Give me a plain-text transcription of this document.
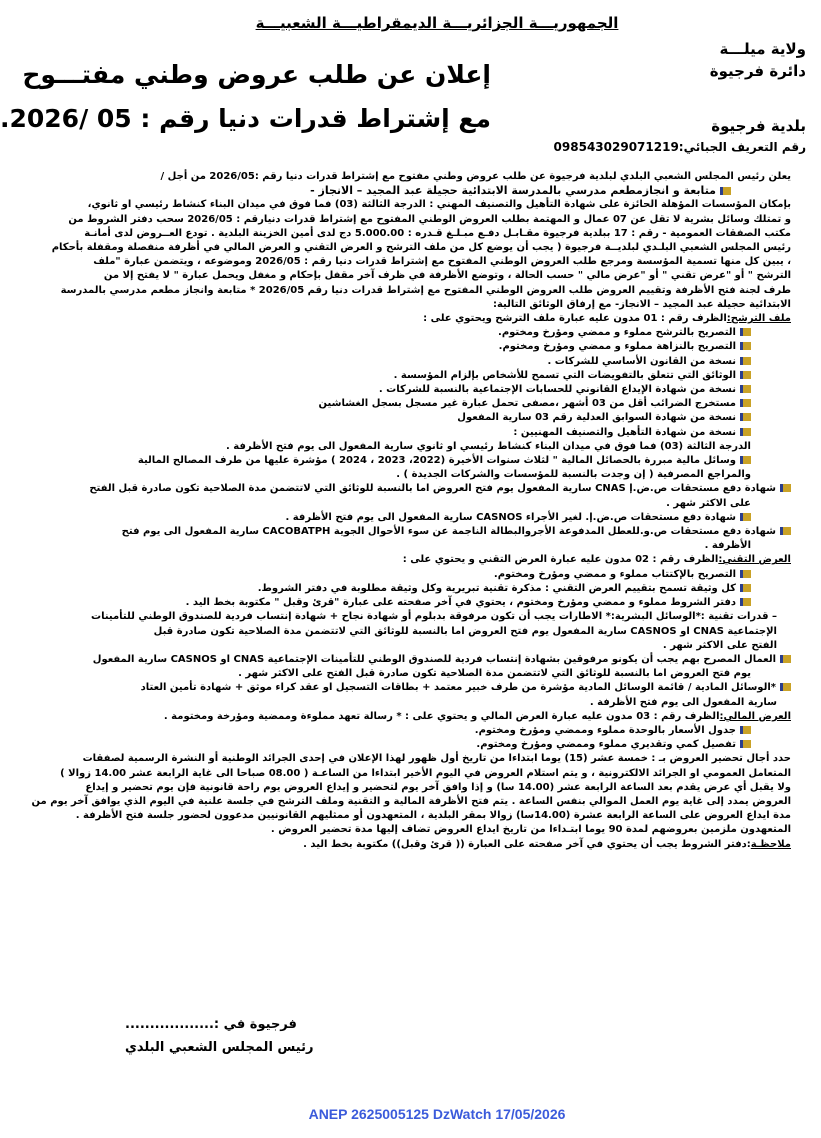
الجمهوريـــة الجزائريـــة الديمقراطيـــة الشعبيـــة
ولاية ميلـــة
دائرة فرجيوة
بلدية فرجيوة
إعلان عن طلب عروض وطني مفتـــوح
مع إشتراط قدرات دنيا رقم : 05 /2026.
رقم التعريف الجبائي:098543029071219

يعلن رئيس المجلس الشعبي البلدي لبلدية فرجيوة عن طلب عروض وطني مفتوح مع إشتراط قدرات دنيا رقم :2026/05 من أجل /

متابعة و انجازمطعم مدرسي بالمدرسة الابتدائية حجيلة عبد المجيد – الانجاز -

بإمكان المؤسسات المؤهلة الحائزة على شهادة التأهيل والتصنيف المهني : الدرجة الثالثة (03) فما فوق في ميدان البناء كنشاط رئيسي او ثانوي،

و تمتلك وسائل بشرية لا تقل عن 07 عمال و المهتمة بطلب العروض الوطني المفتوح مع إشتراط قدرات دنيارقم : 2026/05 سحب دفتر الشروط من

مكتب الصفقات العمومية - رقم : 17 ببلدية فرجيوة مقـابـل دفـع مبـلـغ قـدره : 5.000.00 دج لدى أمين الخزينة البلدية . تودع العــروض لدى أمانـة

رئيس المجلس الشعبي البلـدي لبلديــة فرجيوة ( يجب أن يوضع كل من ملف الترشح و العرض التقني و العرض المالي في أظرفة منفصلة ومقفلة بأحكام

، يبين كل منها تسمية المؤسسة ومرجع طلب العروض الوطني المفتوح مع إشتراط قدرات دنيا رقم : 2026/05 وموضوعه ، ويتضمن عبارة "ملف

الترشح " أو "عرض تقني " أو "عرض مالي " حسب الحالة ، وتوضع الأظرفة في ظرف آخر مقفل بإحكام و مغفل ويحمل عبارة " لا يفتح إلا من

طرف لجنة فتح الأظرفة وتقييم العروض طلب العروض الوطني المفتوح مع إشتراط قدرات دنيا رقم 2026/05 * متابعة وانجاز مطعم مدرسي بالمدرسة

الابتدائية حجيلة عبد المجيد – الانجاز- مع إرفاق الوثائق التالية:

ملف الترشح:الظرف رقم : 01 مدون عليه عبارة ملف الترشح ويحتوي على :

التصريح بالترشح مملوء و ممضي ومؤرخ ومختوم.

التصريح بالنزاهة مملوء و ممضي ومؤرخ ومختوم.

نسخة من القانون الأساسي للشركات .

الوثائق التي تتعلق بالتفويضات التي تسمح للأشخاص بإلزام المؤسسة .

نسخة من شهادة الإيداع القانوني للحسابات الإجتماعية بالنسبة للشركات .

مستخرج الضرائب أقل من 03 أشهر ،مصفى تحمل عبارة غير مسجل بسجل الغشاشين

نسخة من شهادة السوابق العدلية رقم 03 سارية المفعول

نسخة من شهادة التأهيل والتصنيف المهنيين :

الدرجة الثالثة (03) فما فوق في ميدان البناء كنشاط رئيسي او ثانوي سارية المفعول الى يوم فتح الأظرفة .

وسائل مالية مبررة بالحصائل المالية " لثلاث سنوات الأخيرة (2022، 2023 ، 2024 ) مؤشرة عليها من طرف المصالح المالية

والمراجع المصرفية ( إن وجدت بالنسبة للمؤسسات والشركات الجديدة ) .

شهادة دفع مستحقات ص.ض.إ CNAS سارية المفعول يوم فتح العروض اما بالنسبة للوثائق التي لاتتضمن مدة الصلاحية تكون صادرة قبل الفتح

على الاكثر شهر .

شهادة دفع مستحقات ص.ض.إ. لغير الأجراء CASNOS سارية المفعول الى يوم فتح الأظرفة .

شهادة دفع مستحقات ص.و.للعطل المدفوعة الأجروالبطالة الناجمة عن سوء الأحوال الجوية CACOBATPH سارية المفعول الى يوم فتح

الأظرفة .

العرض التقني:الظرف رقم : 02 مدون عليه عبارة العرض التقني و يحتوي على :

التصريح بالإكتتاب مملوء و ممضي ومؤرخ ومختوم.

كل وثيقة تسمح بتقييم العرض التقني : مذكرة تقنية تبريرية وكل وثيقة مطلوبة في دفتر الشروط.

دفتر الشروط مملوء و ممضي ومؤرخ ومختوم ، يحتوي في آخر صفحته على عبارة "قرئ وقبل " مكتوبة بخط اليد .

– قدرات تقنية :*الوسائل البشرية:* الاطارات يجب أن تكون مرفوقة بدبلوم أو شهادة نجاح + شهادة إنتساب فردية للصندوق الوطني للتأمينات

الإجتماعية CNAS او CASNOS سارية المفعول يوم فتح العروض اما بالنسبة للوثائق التي لاتتضمن مدة الصلاحية تكون صادرة قبل

الفتح على الاكثر شهر .

العمال المصرح بهم يجب أن يكونو مرفوقين بشهادة إنتساب فردية للصندوق الوطني للتأمينات الإجتماعية CNAS او CASNOS سارية المفعول

يوم فتح العروض اما بالنسبة للوثائق التي لاتتضمن مدة الصلاحية تكون صادرة قبل الفتح على الاكثر شهر .

*الوسائل المادية / قائمة الوسائل المادية مؤشرة من طرف خبير معتمد + بطاقات التسجيل او عقد كراء موثق + شهادة تأمين العتاد

سارية المفعول الى يوم فتح الأظرفة .

العرض المالي:الظرف رقم : 03 مدون عليه عبارة العرض المالي و يحتوي على : * رسالة تعهد مملوءة وممضية ومؤرخة ومختومة .

جدول الأسعار بالوحدة مملوء وممضي ومؤرخ ومختوم.

تفصيل كمي وتقديري مملوء وممضي ومؤرخ ومختوم.

حدد أجال تحضير العروض بـ : خمسة عشر (15) يوما ابتداءا من تاريخ أول ظهور لهذا الإعلان في إحدى الجرائد الوطنية أو النشرة الرسمية لصفقات

المتعامل العمومي او الجرائد الالكترونية ، و يتم استلام العروض في اليوم الأخير ابتداءا من الساعـة ( 08.00 صباحا الى غاية الرابعة عشر 14.00 زوالا )

ولا يقبل أي عرض يقدم بعد الساعة الرابعة عشر (14.00 سا) و إذا وافق آخر يوم لتحضير و إيداع العروض يوم راحة قانونية فإن يوم تحضير و إيداع

العروض يمدد إلى غاية يوم العمل الموالي بنفس الساعة . يتم فتح الأظرفة المالية و التقنية وملف الترشح في جلسة علنية في اليوم الذي يوافق آخر يوم من

مدة ايداع العروض على الساعة الرابعة عشرة (14.00سا) زوالا بمقر البلدية ، المتعهدون أو ممثليهم القانونيين مدعوون لحضور جلسة فتح الأظرفة .

المتعهدون ملزمين بعروضهم لمدة 90 يوما ابتـداءا من تاريخ ايداع العروض تضاف إليها مدة تحضير العروض .

ملاحظـة:دفتر الشروط يجب أن يحتوي في آخر صفحته على العبارة (( قرئ وقبل)) مكتوبة بخط اليد .

فرجيوة في :..................
رئيس المجلس الشعبي البلدي
ANEP 2625005125 DzWatch 17/05/2026
